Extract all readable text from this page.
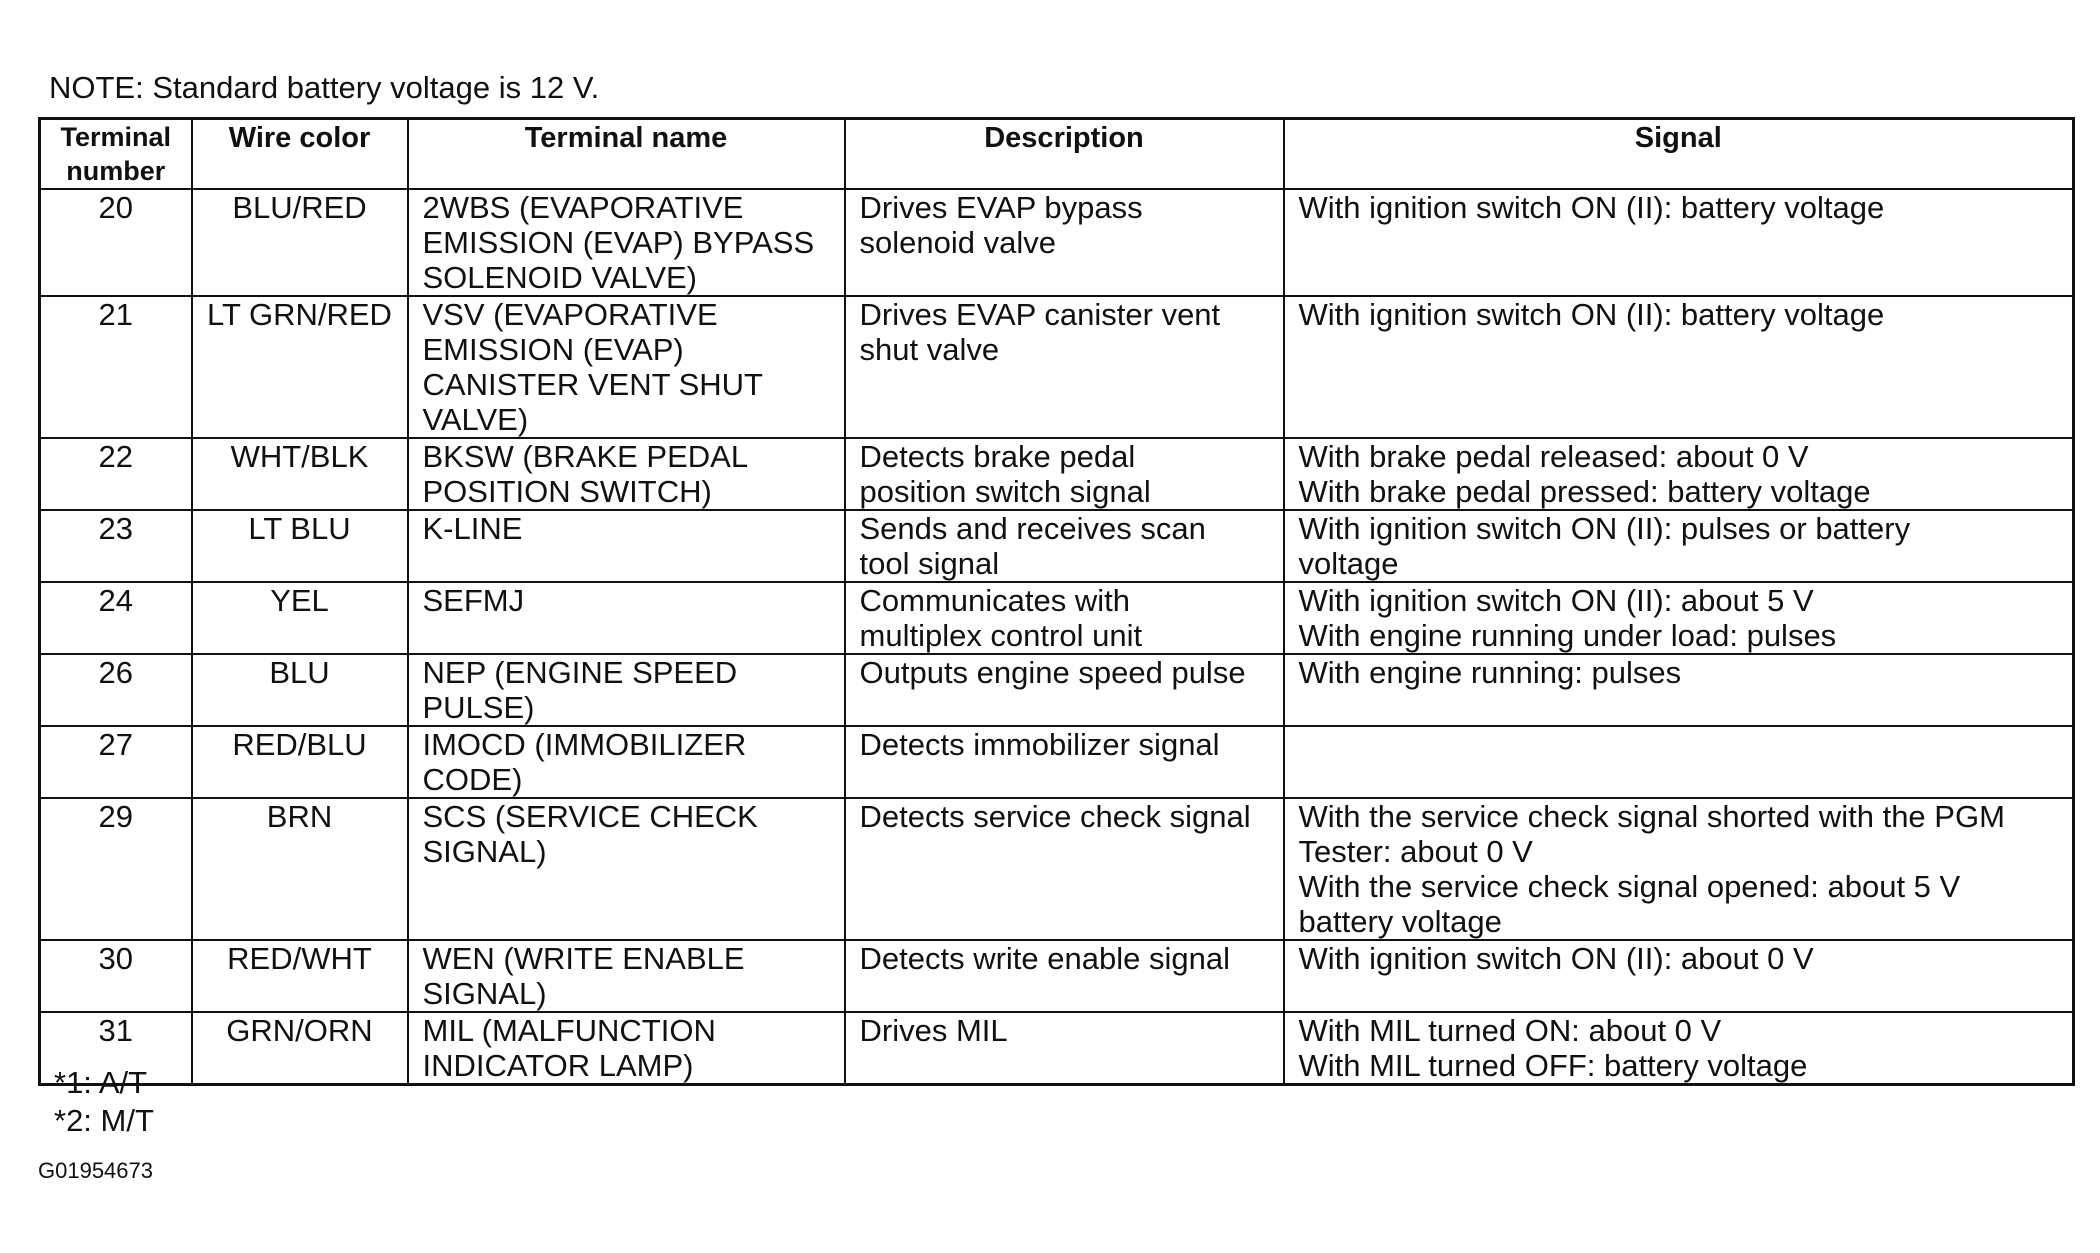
NOTE: Standard battery voltage is 12 V.
Terminal number	Wire color	Terminal name	Description	Signal
20	BLU/RED	2WBS (EVAPORATIVE
EMISSION (EVAP) BYPASS
SOLENOID VALVE)	Drives EVAP bypass
solenoid valve	With ignition switch ON (II): battery voltage
21	LT GRN/RED	VSV (EVAPORATIVE
EMISSION (EVAP)
CANISTER VENT SHUT
VALVE)	Drives EVAP canister vent
shut valve	With ignition switch ON (II): battery voltage
22	WHT/BLK	BKSW (BRAKE PEDAL
POSITION SWITCH)	Detects brake pedal
position switch signal	With brake pedal released: about 0 V
With brake pedal pressed: battery voltage
23	LT BLU	K-LINE	Sends and receives scan
tool signal	With ignition switch ON (II): pulses or battery
voltage
24	YEL	SEFMJ	Communicates with
multiplex control unit	With ignition switch ON (II): about 5 V
With engine running under load: pulses
26	BLU	NEP (ENGINE SPEED
PULSE)	Outputs engine speed pulse	With engine running: pulses
27	RED/BLU	IMOCD (IMMOBILIZER
CODE)	Detects immobilizer signal	
29	BRN	SCS (SERVICE CHECK
SIGNAL)	Detects service check signal	With the service check signal shorted with the PGM
Tester: about 0 V
With the service check signal opened: about 5 V
battery voltage
30	RED/WHT	WEN (WRITE ENABLE
SIGNAL)	Detects write enable signal	With ignition switch ON (II): about 0 V
31	GRN/ORN	MIL (MALFUNCTION
INDICATOR LAMP)	Drives MIL	With MIL turned ON: about 0 V
With MIL turned OFF: battery voltage
*1: A/T
*2: M/T
G01954673
